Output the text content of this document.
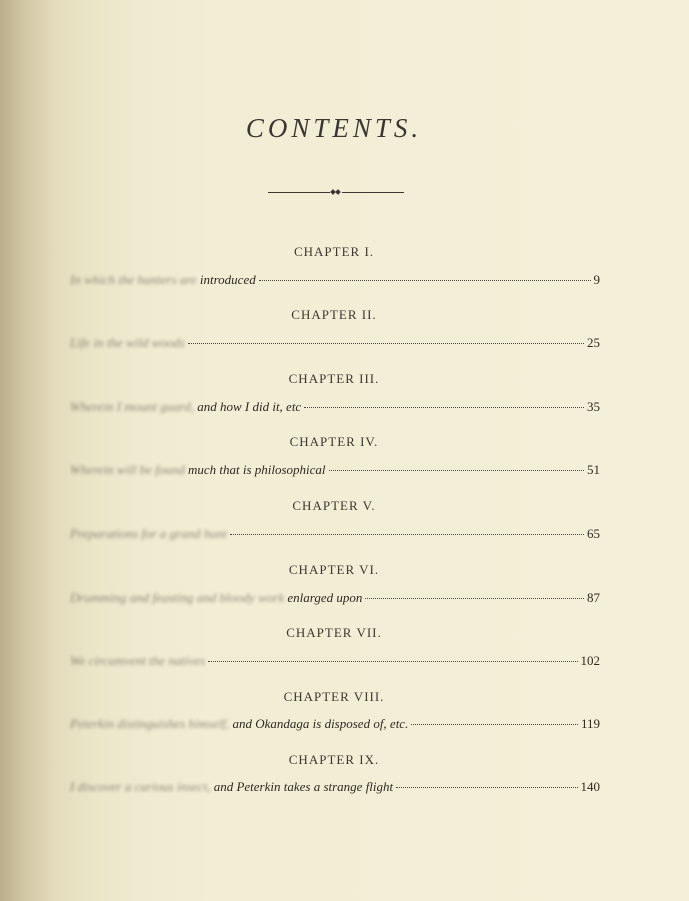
CONTENTS.
CHAPTER I.
In which the hunters are introduced	9
CHAPTER II.
Life in the wild woods	25
CHAPTER III.
Wherein I mount guard, and how I did it, etc	35
CHAPTER IV.
Wherein will be found much that is philosophical	51
CHAPTER V.
Preparations for a grand hunt	65
CHAPTER VI.
Drumming and feasting and bloody work enlarged upon	87
CHAPTER VII.
We circumvent the natives	102
CHAPTER VIII.
Peterkin distinguishes himself, and Okandaga is disposed of, etc.	119
CHAPTER IX.
I discover a curious insect, and Peterkin takes a strange flight	140
